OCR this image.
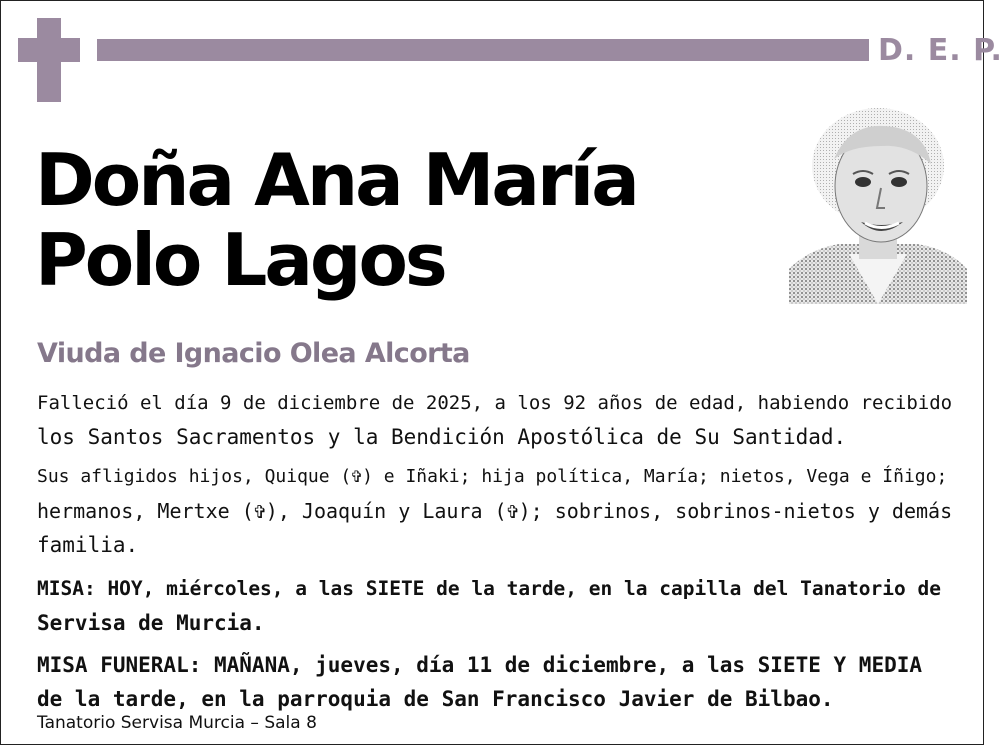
D. E. P.
Doña Ana María
Polo Lagos
Viuda de Ignacio Olea Alcorta
Falleció el día 9 de diciembre de 2025, a los 92 años de edad, habiendo recibido
los Santos Sacramentos y la Bendición Apostólica de Su Santidad.
Sus afligidos hijos, Quique (✞) e Iñaki; hija política, María; nietos, Vega e Íñigo;
hermanos, Mertxe (✞), Joaquín y Laura (✞); sobrinos, sobrinos-nietos y demás
familia.
MISA: HOY, miércoles, a las SIETE de la tarde, en la capilla del Tanatorio de
Servisa de Murcia.
MISA FUNERAL: MAÑANA, jueves, día 11 de diciembre, a las SIETE Y MEDIA
de la tarde, en la parroquia de San Francisco Javier de Bilbao.
Tanatorio Servisa Murcia – Sala 8
